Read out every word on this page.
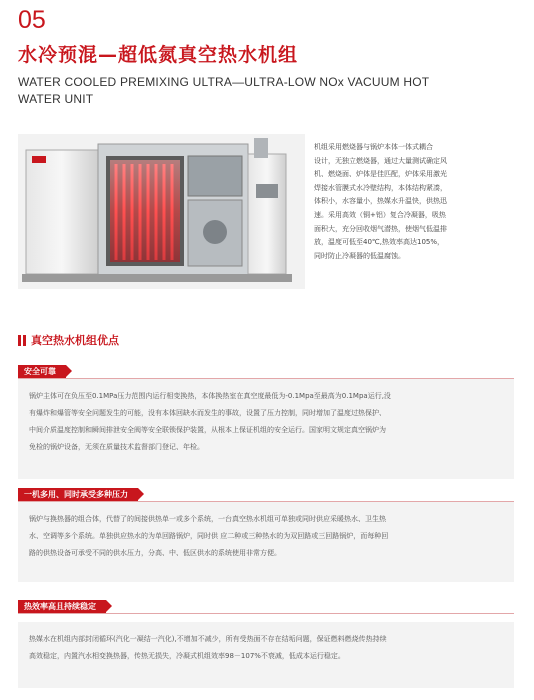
05
水冷预混—超低氮真空热水机组
WATER COOLED PREMIXING ULTRA—ULTRA-LOW NOx VACUUM HOT WATER UNIT
机组采用燃烧器与锅炉本体一体式耦合
设计，无独立燃烧器，通过大量测试确定风
机、燃烧面、炉体是佳匹配，炉体采用激光
焊接水管膜式水冷壁结构，本体结构紧凑，
体积小，水容量小，热媒水升温快，供热迅
速。采用高效（铜+铝）复合冷凝器，吸热
面积大，充分回收烟气潜热，使烟气低温排
放，温度可低至40℃,热效率高达105%，
同时防止冷凝器的低温腐蚀。
真空热水机组优点
安全可靠
锅炉主体可在负压至0.1MPa压力范围内运行相变换热，本体换热室在真空度最低为-0.1Mpa至最高为0.1Mpa运行,没
有爆炸和爆管等安全问题发生的可能，没有本体回缺水而发生的事故，设置了压力控制，同时增加了温度过热保护、
中间介质温度控制和瞬间排泄安全阀等安全联锁保护装置，从根本上保证机组的安全运行。国家明文规定真空锅炉为
免检的锅炉设备，无须在质量技术监督部门登记、年检。
一机多用、同时承受多种压力
锅炉与换热器的组合体，代替了的间接供热单一或多个系统，一台真空热水机组可单独或同时供应采暖热水、卫生热
水、空调等多个系统。单独供应热水的为单回路锅炉，同时供 应二种或三种热水的为双回路或三回路锅炉，而每种回
路的供热设备可承受不同的供水压力，分高、中、低区供水的系统使用非常方便。
热效率高且持续稳定
热媒水在机组内部封闭循环(汽化一凝结一汽化),不增加不减少，所有受热面不存在结垢问题，保证燃料燃烧传热持续
高效稳定，内置汽水相变换热器，传热无损失，冷凝式机组效率98－107%不衰减，低成本运行稳定。
